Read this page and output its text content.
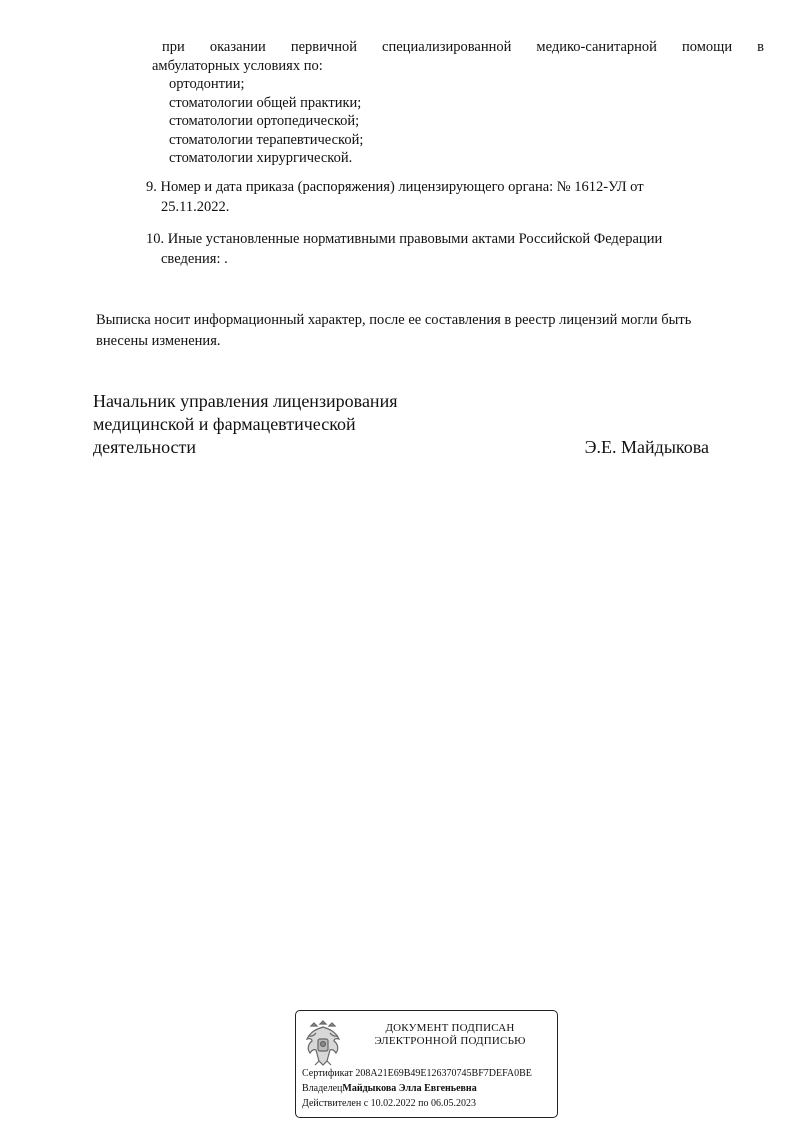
при оказании первичной специализированной медико-санитарной помощи в

амбулаторных условиях по:

ортодонтии;
стоматологии общей практики;
стоматологии ортопедической;
стоматологии терапевтической;
стоматологии хирургической.
9. Номер и дата приказа (распоряжения) лицензирующего органа: № 1612-УЛ от
25.11.2022.
10. Иные установленные нормативными правовыми актами Российской Федерации
сведения: .

Выписка носит информационный характер, после ее составления в реестр лицензий могли быть
внесены изменения.

Начальник управления лицензирования
медицинской и фармацевтической
деятельности	Э.Е. Майдыкова
ДОКУМЕНТ ПОДПИСАН
ЭЛЕКТРОННОЙ ПОДПИСЬЮ
Сертификат 208A21E69B49E126370745BF7DEFA0BE
ВладелецМайдыкова Элла Евгеньевна
Действителен с 10.02.2022 по 06.05.2023
